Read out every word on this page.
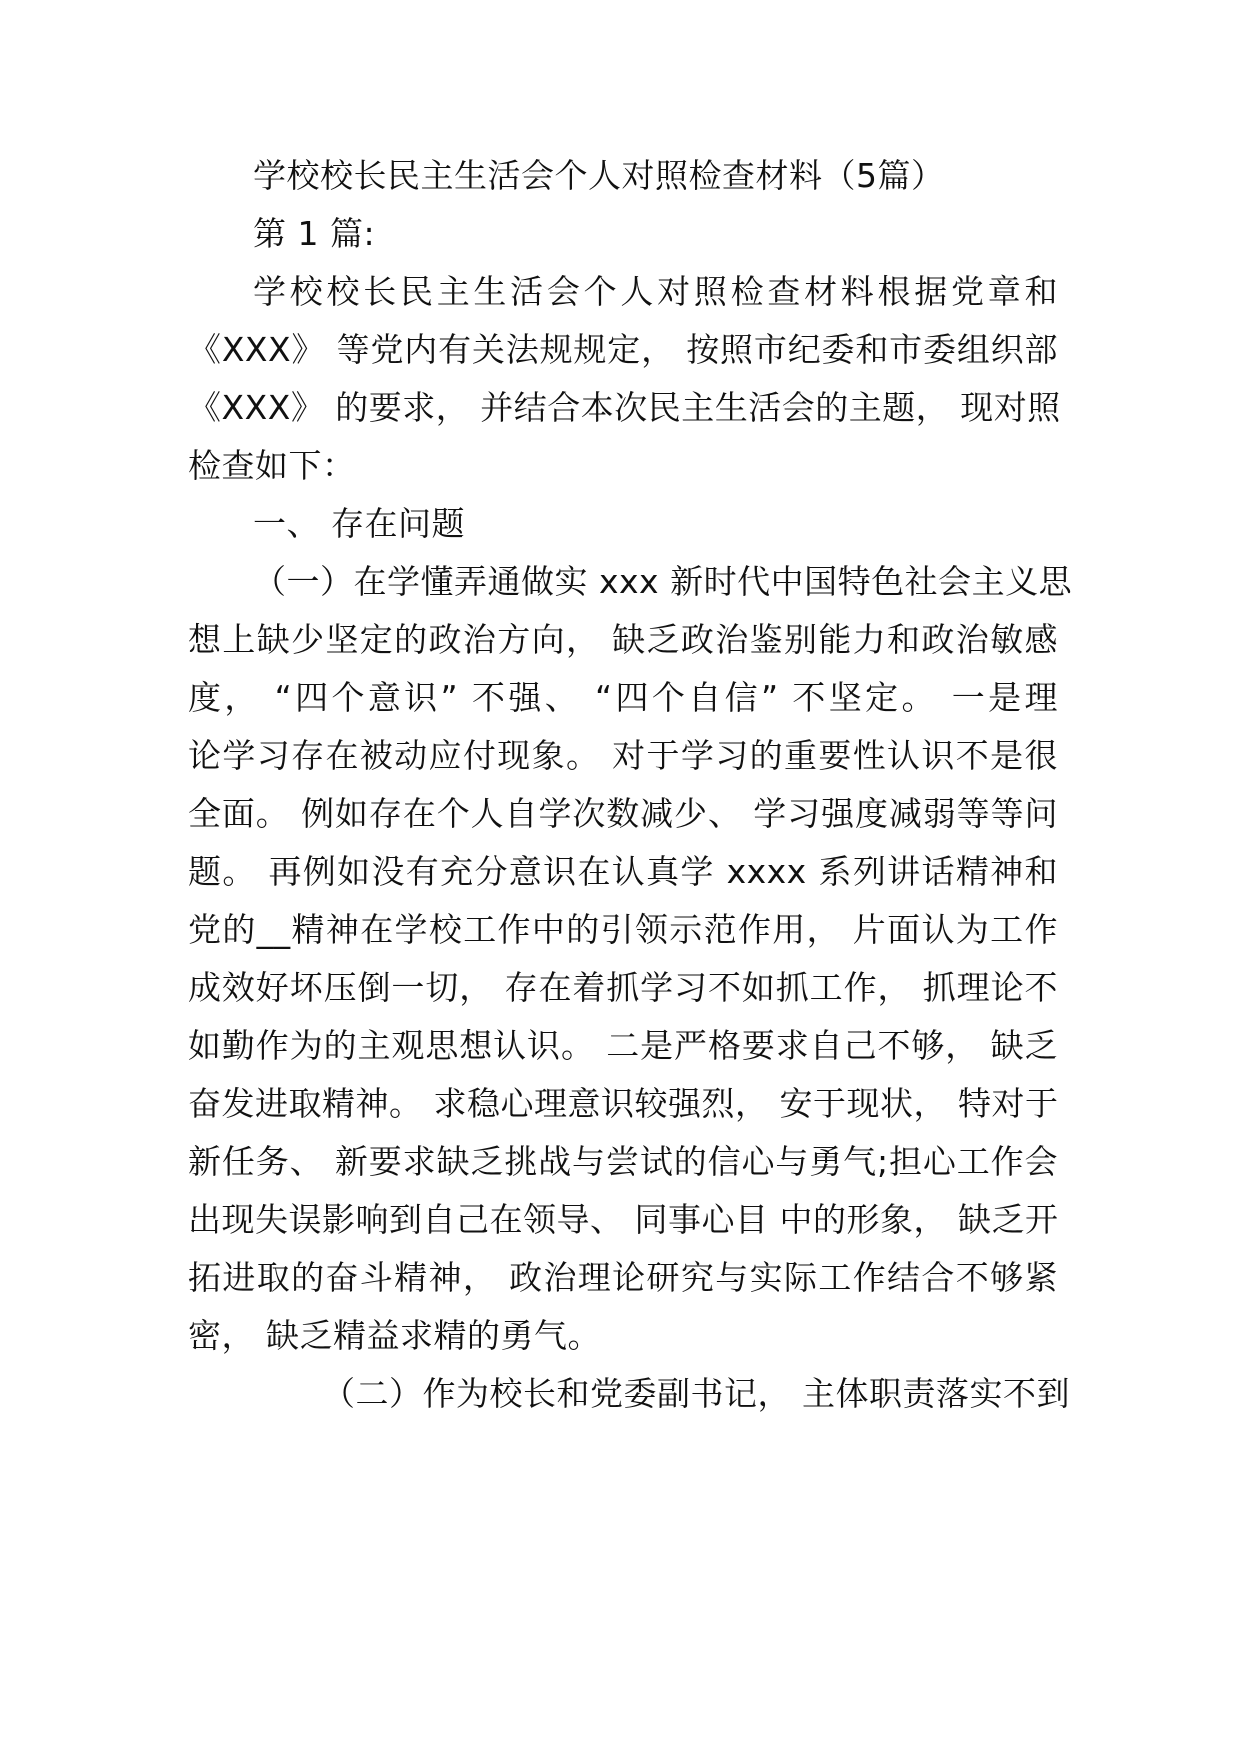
学校校长民主生活会个人对照检查材料（5篇）
第 1 篇:
学校校长民主生活会个人对照检查材料根据党章和
《XXX》 等党内有关法规规定， 按照市纪委和市委组织部
《XXX》 的要求， 并结合本次民主生活会的主题， 现对照
检查如下：
一、 存在问题
（一）在学懂弄通做实 xxx 新时代中国特色社会主义思
想上缺少坚定的政治方向， 缺乏政治鉴别能力和政治敏感
度， “四个意识” 不强、 “四个自信” 不坚定。 一是理
论学习存在被动应付现象。 对于学习的重要性认识不是很
全面。 例如存在个人自学次数减少、 学习强度减弱等等问
题。 再例如没有充分意识在认真学 xxxx 系列讲话精神和
党的__精神在学校工作中的引领示范作用， 片面认为工作
成效好坏压倒一切， 存在着抓学习不如抓工作， 抓理论不
如勤作为的主观思想认识。 二是严格要求自己不够， 缺乏
奋发进取精神。 求稳心理意识较强烈， 安于现状， 特对于
新任务、 新要求缺乏挑战与尝试的信心与勇气;担心工作会
出现失误影响到自己在领导、 同事心目 中的形象， 缺乏开
拓进取的奋斗精神， 政治理论研究与实际工作结合不够紧
密， 缺乏精益求精的勇气。
（二）作为校长和党委副书记， 主体职责落实不到
